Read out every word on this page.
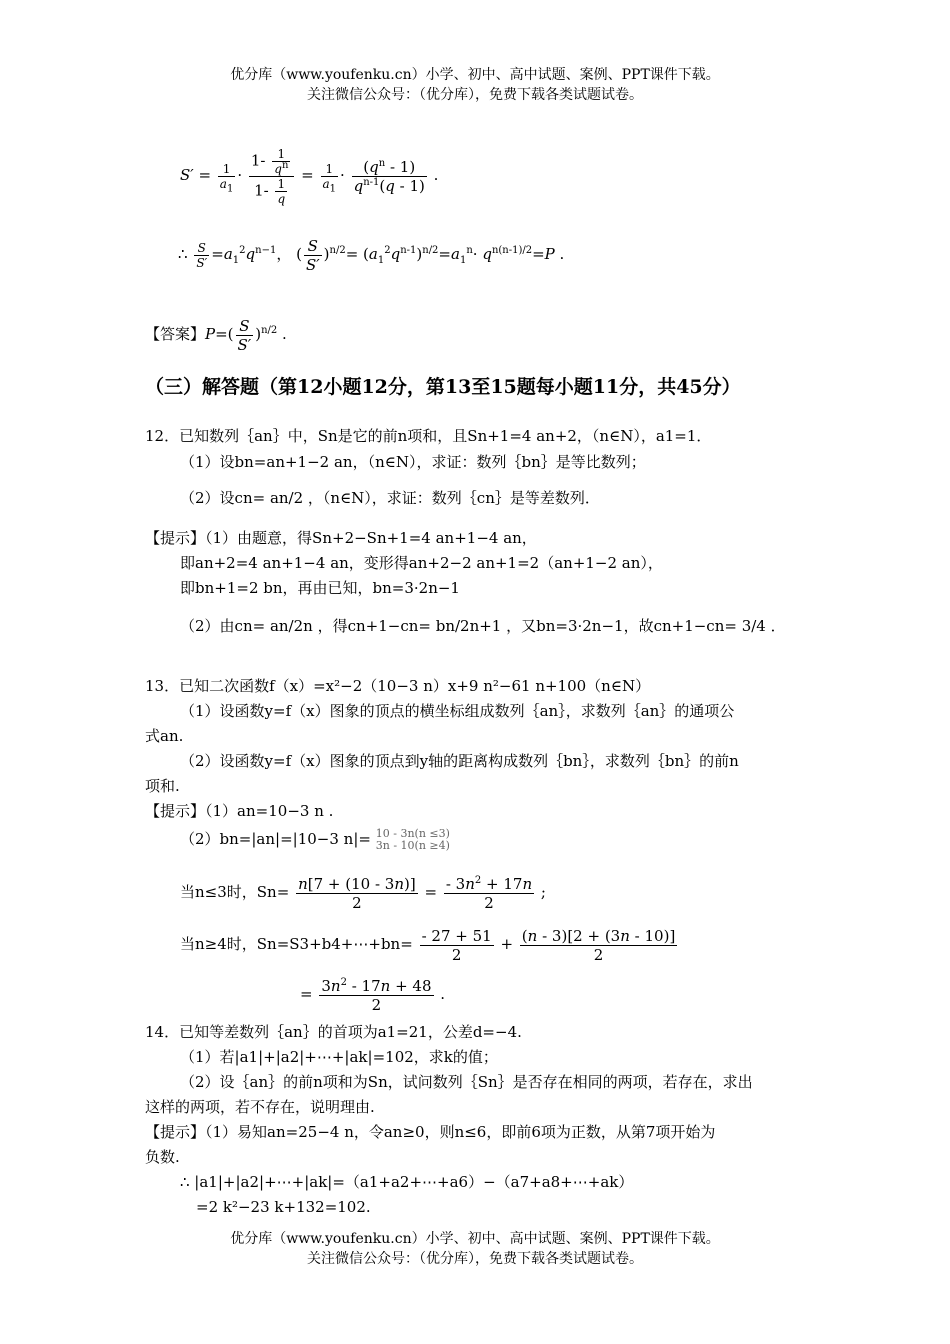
优分库（www.youfenku.cn）小学、初中、高中试题、案例、PPT课件下载。
关注微信公众号：（优分库），免费下载各类试题试卷。
$S' = \frac{1}{a_1} \cdot \frac{1- \frac{1}{q^n}}{1- \frac{1}{q}} = \frac{1}{a_1} \cdot \frac{(q^n - 1)}{q^{n-1}(q - 1)}$ .
∴ $\frac{S}{S'} =a_1^2q^{n-1}$， ( $\frac{S}{S'} )^{n/2}= (a_1^2q^{n-1})^{n/2}=a_1^n\cdot q^{n(n-1)/2}=P$ .
【答案】$P=( \frac{S}{S'} )^{n/2}$ .
（三）解答题（第12小题12分，第13至15题每小题11分，共45分）
12．已知数列｛an｝中，Sn是它的前n项和，且Sn+1=4 an+2，（n∈N），a1=1．
（1）设bn=an+1−2 an，（n∈N），求证：数列｛bn｝是等比数列；
（2）设cn= an/2 ，（n∈N），求证：数列｛cn｝是等差数列．
【提示】（1）由题意，得Sn+2−Sn+1=4 an+1−4 an，
即an+2=4 an+1−4 an，变形得an+2−2 an+1=2（an+1−2 an），
即bn+1=2 bn，再由已知，bn=3·2n−1
（2）由cn= an/2n ，得cn+1−cn= bn/2n+1 ，又bn=3·2n−1，故cn+1−cn= 3/4 ．
13．已知二次函数f（x）=x²−2（10−3 n）x+9 n²−61 n+100（n∈N）
（1）设函数y=f（x）图象的顶点的横坐标组成数列｛an｝，求数列｛an｝的通项公
式an.
（2）设函数y=f（x）图象的顶点到y轴的距离构成数列｛bn｝，求数列｛bn｝的前n
项和.
【提示】（1）an=10−3 n .
（2）bn=|an|=|10−3 n|= 10 - 3n(n ≤3)
3n - 10(n ≥4)
当n≤3时，$Sn= \frac{n[7 + (10 - 3n)]}{2} = \frac{- 3n^2 + 17n}{2}$ ;
当n≥4时，Sn=S3+b4+⋯+bn= $\frac{- 27 + 51}{2} + \frac{(n - 3)[2 + (3n - 10)]}{2}$
= $\frac{3n^2 - 17n + 48}{2}$ .
14．已知等差数列｛an｝的首项为a1=21，公差d=−4.
（1）若|a1|+|a2|+⋯+|ak|=102，求k的值；
（2）设｛an｝的前n项和为Sn，试问数列｛Sn｝是否存在相同的两项，若存在，求出
这样的两项，若不存在，说明理由.
【提示】（1）易知an=25−4 n，令an≥0，则n≤6，即前6项为正数，从第7项开始为
负数.
∴ |a1|+|a2|+⋯+|ak|=（a1+a2+⋯+a6）−（a7+a8+⋯+ak）
=2 k²−23 k+132=102.
优分库（www.youfenku.cn）小学、初中、高中试题、案例、PPT课件下载。
关注微信公众号：（优分库），免费下载各类试题试卷。
